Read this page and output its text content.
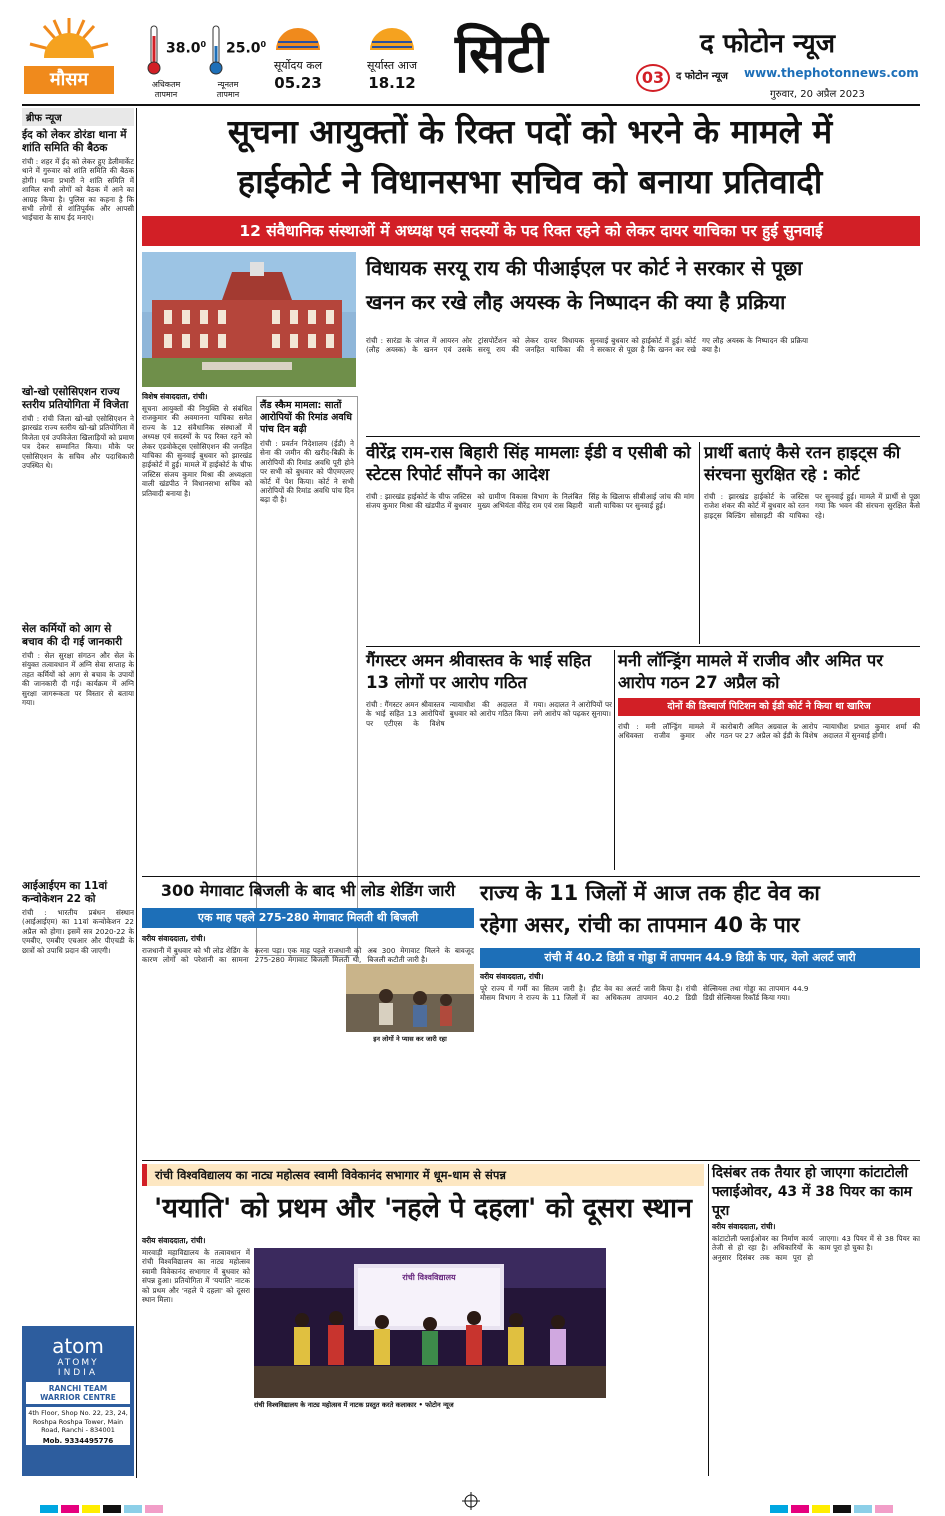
मौसम
38.0$^0$
अधिकतम
तापमान
25.0$^0$
न्यूनतम
तापमान
सूर्योदय कल
05.23
सूर्यास्त आज
18.12 सिटी	द फोटोन न्यूज
03	द फोटोन न्यूज www.thephotonnews.com
गुरुवार, 20 अप्रैल 2023
ब्रीफ न्यूज
ईद को लेकर डोरंडा थाना में शांति समिति की बैठक
रांची : शहर में ईद को लेकर हुए डेलीमार्केट थाने में गुरुवार को शांति समिति की बैठक होगी। थाना प्रभारी ने शांति समिति में शामिल सभी लोगों को बैठक में आने का आग्रह किया है। पुलिस का कहना है कि सभी लोगों से शांतिपूर्वक और आपसी भाईचारा के साथ ईद मनाएं।
खो-खो एसोसिएशन राज्य स्तरीय प्रतियोगिता में विजेता
रांची : रांची जिला खो-खो एसोसिएशन ने झारखंड राज्य स्तरीय खो-खो प्रतियोगिता में विजेता एवं उपविजेता खिलाड़ियों को प्रमाण पत्र देकर सम्मानित किया। मौके पर एसोसिएशन के सचिव और पदाधिकारी उपस्थित थे।
सेल कर्मियों को आग से बचाव की दी गई जानकारी
रांची : सेल सुरक्षा संगठन और सेल के संयुक्त तत्वावधान में अग्नि सेवा सप्ताह के तहत कर्मियों को आग से बचाव के उपायों की जानकारी दी गई। कार्यक्रम में अग्नि सुरक्षा जागरूकता पर विस्तार से बताया गया।
आईआईएम का 11वां कन्वोकेशन 22 को
रांची : भारतीय प्रबंधन संस्थान (आईआईएम) का 11वां कन्वोकेशन 22 अप्रैल को होगा। इसमें सत्र 2020-22 के एमबीए, एमबीए एचआर और पीएचडी के छात्रों को उपाधि प्रदान की जाएगी।
atom
ATOMY
INDIA
RANCHI TEAM WARRIOR CENTRE
4th Floor, Shop No. 22, 23, 24, Roshpa Roshpa Tower, Main Road, Ranchi - 834001
Mob. 9334495776
सूचना आयुक्तों के रिक्त पदों को भरने के मामले में
हाईकोर्ट ने विधानसभा सचिव को बनाया प्रतिवादी
12 संवैधानिक संस्थाओं में अध्यक्ष एवं सदस्यों के पद रिक्त रहने को लेकर दायर याचिका पर हुई सुनवाई
विशेष संवाददाता, रांची।
सूचना आयुक्तों की नियुक्ति से संबंधित राजकुमार की अवमानना याचिका समेत राज्य के 12 संवैधानिक संस्थाओं में अध्यक्ष एवं सदस्यों के पद रिक्त रहने को लेकर एडवोकेट्स एसोसिएशन की जनहित याचिका की सुनवाई बुधवार को झारखंड हाईकोर्ट में हुई। मामले में हाईकोर्ट के चीफ जस्टिस संजय कुमार मिश्रा की अध्यक्षता वाली खंडपीठ ने विधानसभा सचिव को प्रतिवादी बनाया है।
लैंड स्कैम मामला: सातों आरोपियों की रिमांड अवधि पांच दिन बढ़ी
रांची : प्रवर्तन निदेशालय (ईडी) ने सेना की जमीन की खरीद-बिक्री के आरोपियों की रिमांड अवधि पूरी होने पर सभी को बुधवार को पीएमएलए कोर्ट में पेश किया। कोर्ट ने सभी आरोपियों की रिमांड अवधि पांच दिन बढ़ा दी है।
विधायक सरयू राय की पीआईएल पर कोर्ट ने सरकार से पूछा
खनन कर रखे लौह अयस्क के निष्पादन की क्या है प्रक्रिया
रांची : सारंडा के जंगल में आयरन ओर (लौह अयस्क) के खनन एवं उसके ट्रांसपोर्टेशन को लेकर दायर विधायक सरयू राय की जनहित याचिका की सुनवाई बुधवार को हाईकोर्ट में हुई। कोर्ट ने सरकार से पूछा है कि खनन कर रखे गए लौह अयस्क के निष्पादन की प्रक्रिया क्या है।
वीरेंद्र राम-रास बिहारी सिंह मामलाः ईडी व एसीबी को स्टेटस रिपोर्ट सौंपने का आदेश
रांची : झारखंड हाईकोर्ट के चीफ जस्टिस संजय कुमार मिश्रा की खंडपीठ में बुधवार को ग्रामीण विकास विभाग के निलंबित मुख्य अभियंता वीरेंद्र राम एवं रास बिहारी सिंह के खिलाफ सीबीआई जांच की मांग वाली याचिका पर सुनवाई हुई।
प्रार्थी बताएं कैसे रतन हाइट्स की संरचना सुरक्षित रहे : कोर्ट
रांची : झारखंड हाईकोर्ट के जस्टिस राजेश शंकर की कोर्ट में बुधवार को रतन हाइट्स बिल्डिंग सोसाइटी की याचिका पर सुनवाई हुई। मामले में प्रार्थी से पूछा गया कि भवन की संरचना सुरक्षित कैसे रहे।
गैंगस्टर अमन श्रीवास्तव के भाई सहित 13 लोगों पर आरोप गठित
रांची : गैंगस्टर अमन श्रीवास्तव के भाई सहित 13 आरोपियों पर एटीएस के विशेष न्यायाधीश की अदालत में बुधवार को आरोप गठित किया गया। अदालत ने आरोपियों पर लगे आरोप को पढ़कर सुनाया।
मनी लॉन्ड्रिंग मामले में राजीव और अमित पर आरोप गठन 27 अप्रैल को
दोनों की डिस्चार्ज पिटिशन को ईडी कोर्ट ने किया था खारिज
रांची : मनी लॉन्ड्रिंग मामले में अधिवक्ता राजीव कुमार और कारोबारी अमित अग्रवाल के आरोप गठन पर 27 अप्रैल को ईडी के विशेष न्यायाधीश प्रभात कुमार शर्मा की अदालत में सुनवाई होगी।
300 मेगावाट बिजली के बाद भी लोड शेडिंग जारी
एक माह पहले 275-280 मेगावाट मिलती थी बिजली
वरीय संवाददाता, रांची।
राजधानी में बुधवार को भी लोड शेडिंग के कारण लोगों को परेशानी का सामना करना पड़ा। एक माह पहले राजधानी को 275-280 मेगावाट बिजली मिलती थी, अब 300 मेगावाट मिलने के बावजूद बिजली कटौती जारी है।
राज्य के 11 जिलों में आज तक हीट वेव का
रहेगा असर, रांची का तापमान 40 के पार
रांची में 40.2 डिग्री व गोड्डा में तापमान 44.9 डिग्री के पार, येलो अलर्ट जारी
इन लोगों ने प्यास कर जारी रहा
वरीय संवाददाता, रांची।
पूरे राज्य में गर्मी का सितम जारी है। मौसम विभाग ने राज्य के 11 जिलों में हीट वेव का अलर्ट जारी किया है। रांची का अधिकतम तापमान 40.2 डिग्री सेल्सियस तथा गोड्डा का तापमान 44.9 डिग्री सेल्सियस रिकॉर्ड किया गया।
रांची विश्वविद्यालय का नाट्य महोत्सव स्वामी विवेकानंद सभागार में धूम-धाम से संपन्न
'ययाति' को प्रथम और 'नहले पे दहला' को दूसरा स्थान
वरीय संवाददाता, रांची।
मारवाड़ी महाविद्यालय के तत्वावधान में रांची विश्वविद्यालय का नाट्य महोत्सव स्वामी विवेकानंद सभागार में बुधवार को संपन्न हुआ। प्रतियोगिता में 'ययाति' नाटक को प्रथम और 'नहले पे दहला' को दूसरा स्थान मिला।
रांची विश्वविद्यालय
रांची विश्वविद्यालय के नाट्य महोत्सव में नाटक प्रस्तुत करते कलाकार • फोटोन न्यूज
दिसंबर तक तैयार हो जाएगा कांटाटोली फ्लाईओवर, 43 में 38 पियर का काम पूरा
वरीय संवाददाता, रांची।
कांटाटोली फ्लाईओवर का निर्माण कार्य तेजी से हो रहा है। अधिकारियों के अनुसार दिसंबर तक काम पूरा हो जाएगा। 43 पियर में से 38 पियर का काम पूरा हो चुका है।
